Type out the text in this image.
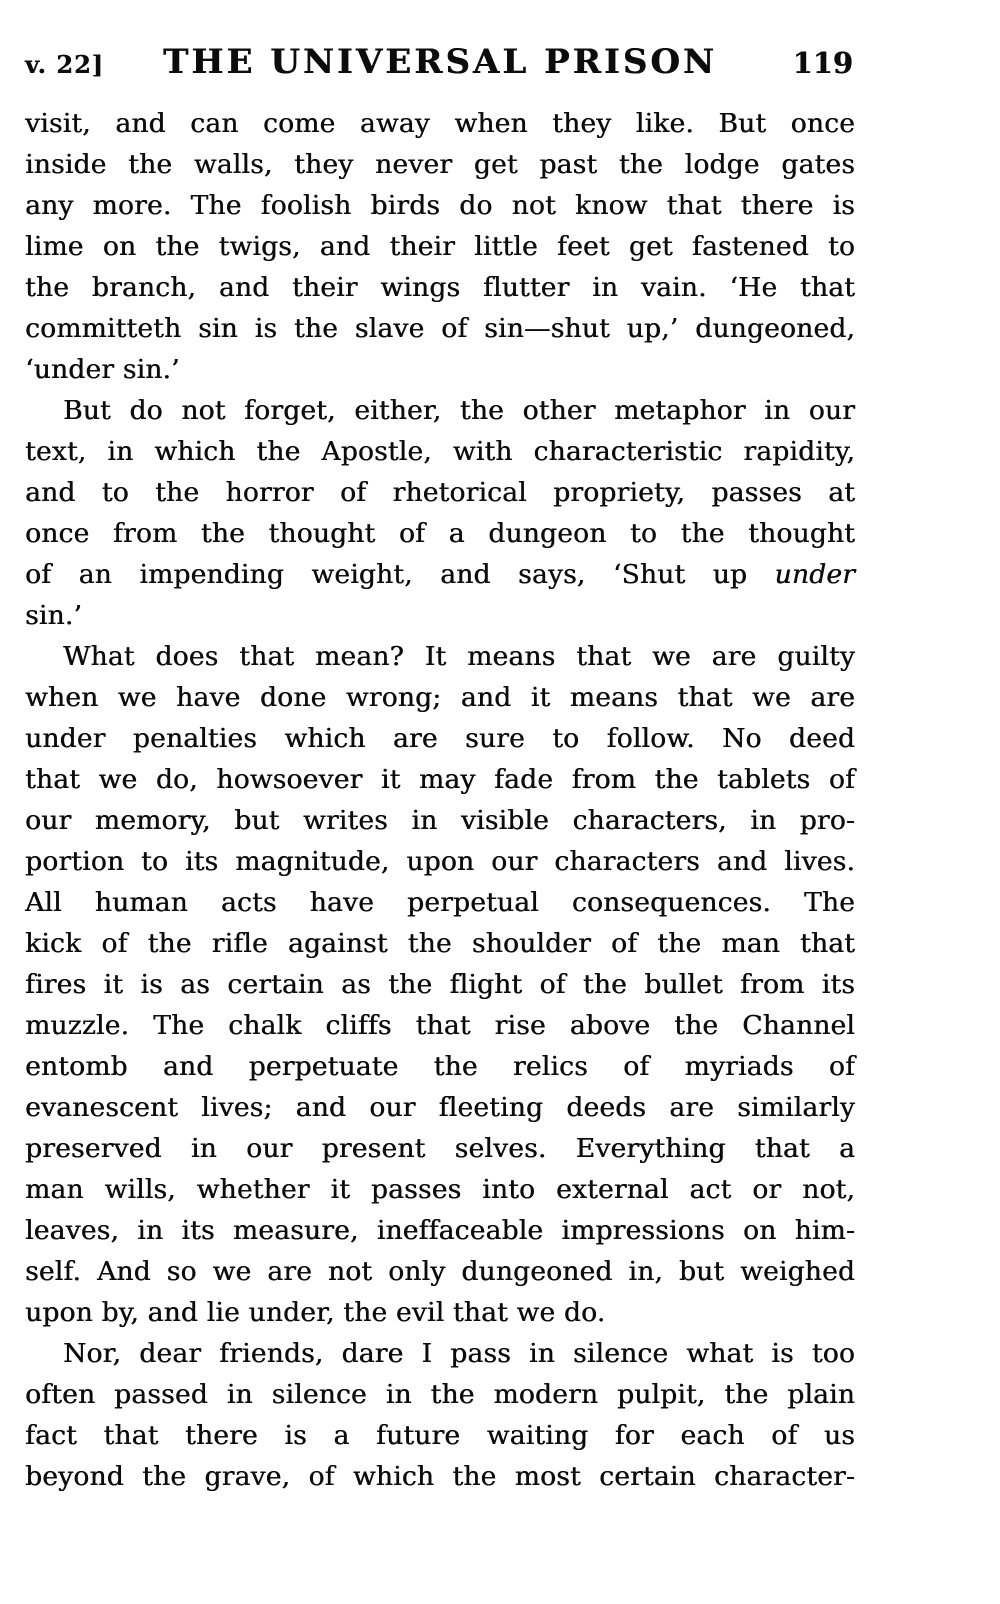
v. 22] THE UNIVERSAL PRISON	119
visit, and can come away when they like. But once
inside the walls, they never get past the lodge gates
any more. The foolish birds do not know that there is
lime on the twigs, and their little feet get fastened to
the branch, and their wings flutter in vain. ‘He that
committeth sin is the slave of sin—shut up,’ dungeoned,
‘under sin.’
But do not forget, either, the other metaphor in our
text, in which the Apostle, with characteristic rapidity,
and to the horror of rhetorical propriety, passes at
once from the thought of a dungeon to the thought
of an impending weight, and says, ‘Shut up under
sin.’
What does that mean? It means that we are guilty
when we have done wrong; and it means that we are
under penalties which are sure to follow. No deed
that we do, howsoever it may fade from the tablets of
our memory, but writes in visible characters, in pro-
portion to its magnitude, upon our characters and lives.
All human acts have perpetual consequences. The
kick of the rifle against the shoulder of the man that
fires it is as certain as the flight of the bullet from its
muzzle. The chalk cliffs that rise above the Channel
entomb and perpetuate the relics of myriads of
evanescent lives; and our fleeting deeds are similarly
preserved in our present selves. Everything that a
man wills, whether it passes into external act or not,
leaves, in its measure, ineffaceable impressions on him-
self. And so we are not only dungeoned in, but weighed
upon by, and lie under, the evil that we do.
Nor, dear friends, dare I pass in silence what is too
often passed in silence in the modern pulpit, the plain
fact that there is a future waiting for each of us
beyond the grave, of which the most certain character-
